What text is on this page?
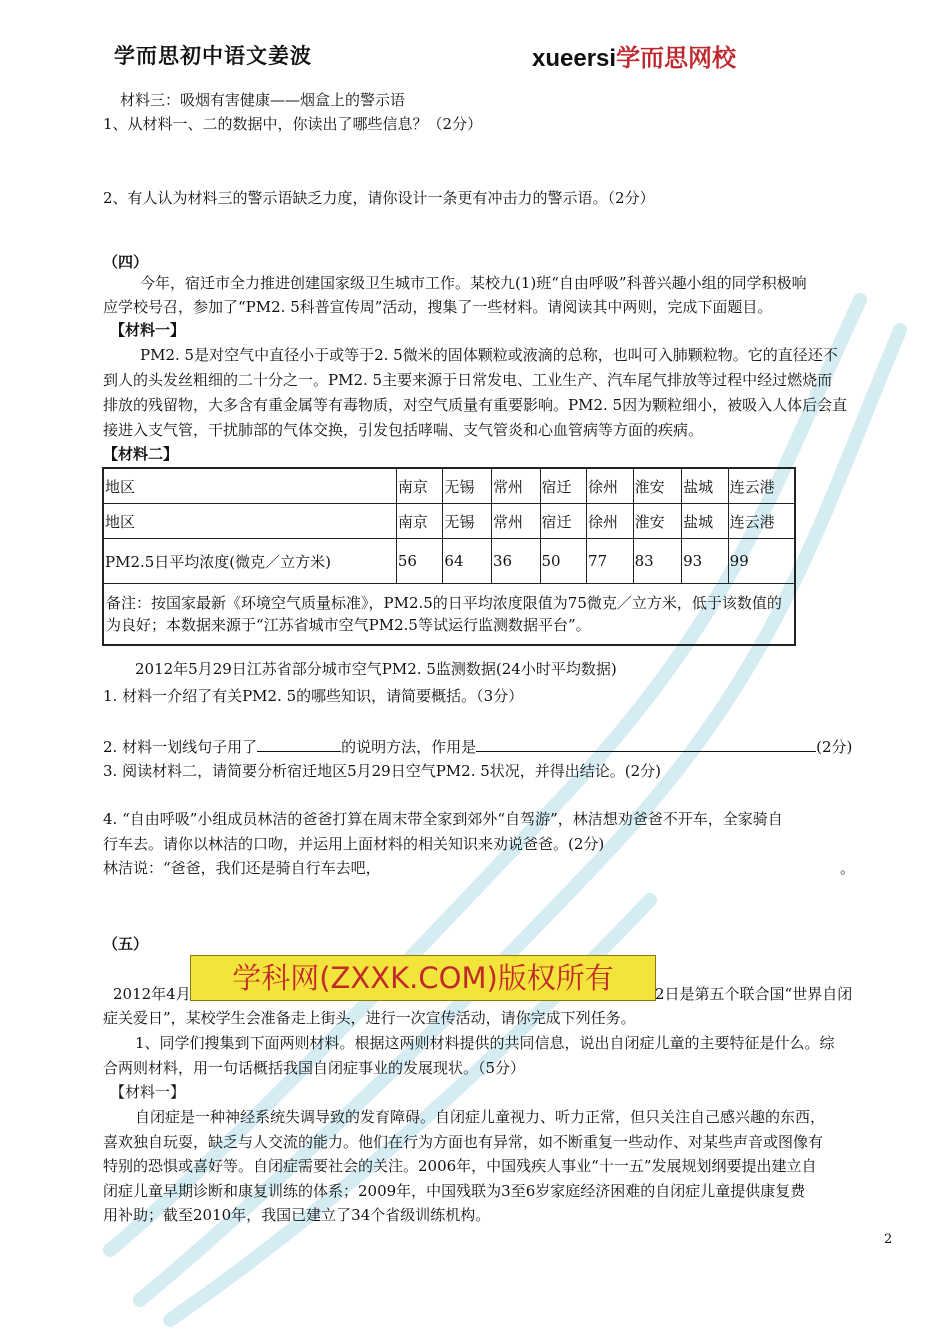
学而思初中语文姜波	xueersi学而思网校
材料三：吸烟有害健康——烟盒上的警示语
1、从材料一、二的数据中，你读出了哪些信息？（2分）
2、有人认为材料三的警示语缺乏力度，请你设计一条更有冲击力的警示语。（2分）
（四）
今年，宿迁市全力推进创建国家级卫生城市工作。某校九(1)班“自由呼吸”科普兴趣小组的同学积极响
应学校号召，参加了“PM2. 5科普宣传周”活动，搜集了一些材料。请阅读其中两则，完成下面题目。
【材料一】
PM2. 5是对空气中直径小于或等于2. 5微米的固体颗粒或液滴的总称，也叫可入肺颗粒物。它的直径还不
到人的头发丝粗细的二十分之一。PM2. 5主要来源于日常发电、工业生产、汽车尾气排放等过程中经过燃烧而
排放的残留物，大多含有重金属等有毒物质，对空气质量有重要影响。PM2. 5因为颗粒细小，被吸入人体后会直
接进入支气管，干扰肺部的气体交换，引发包括哮喘、支气管炎和心血管病等方面的疾病。
【材料二】
地区	南京	无锡	常州	宿迁	徐州	淮安	盐城	连云港
地区	南京	无锡	常州	宿迁	徐州	淮安	盐城	连云港
PM2.5日平均浓度(微克／立方米)	56	64	36	50	77	83	93	99
备注：按国家最新《环境空气质量标准》，PM2.5的日平均浓度限值为75微克／立方米，低于该数值的为良好；本数据来源于“江苏省城市空气PM2.5等试运行监测数据平台”。								
2012年5月29日江苏省部分城市空气PM2. 5监测数据(24小时平均数据)
1. 材料一介绍了有关PM2. 5的哪些知识，请简要概括。（3分）
2. 材料一划线句子用了	的说明方法，作用是	(2分)
3. 阅读材料二，请简要分析宿迁地区5月29日空气PM2. 5状况，并得出结论。(2分)
4. “自由呼吸”小组成员林洁的爸爸打算在周末带全家到郊外“自驾游”，林洁想劝爸爸不开车，全家骑自
行车去。请你以林洁的口吻，并运用上面材料的相关知识来劝说爸爸。(2分)
林洁说：“爸爸，我们还是骑自行车去吧，	。
（五）
学科网(ZXXK.COM)版权所有
2012年4月	2日是第五个联合国“世界自闭
症关爱日”，某校学生会准备走上街头，进行一次宣传活动，请你完成下列任务。
1、同学们搜集到下面两则材料。根据这两则材料提供的共同信息，说出自闭症儿童的主要特征是什么。综
合两则材料，用一句话概括我国自闭症事业的发展现状。（5分）
【材料一】
自闭症是一种神经系统失调导致的发育障碍。自闭症儿童视力、听力正常，但只关注自己感兴趣的东西，
喜欢独自玩耍，缺乏与人交流的能力。他们在行为方面也有异常，如不断重复一些动作、对某些声音或图像有
特别的恐惧或喜好等。自闭症需要社会的关注。2006年，中国残疾人事业“十一五”发展规划纲要提出建立自
闭症儿童早期诊断和康复训练的体系；2009年，中国残联为3至6岁家庭经济困难的自闭症儿童提供康复费
用补助；截至2010年，我国已建立了34个省级训练机构。
2
